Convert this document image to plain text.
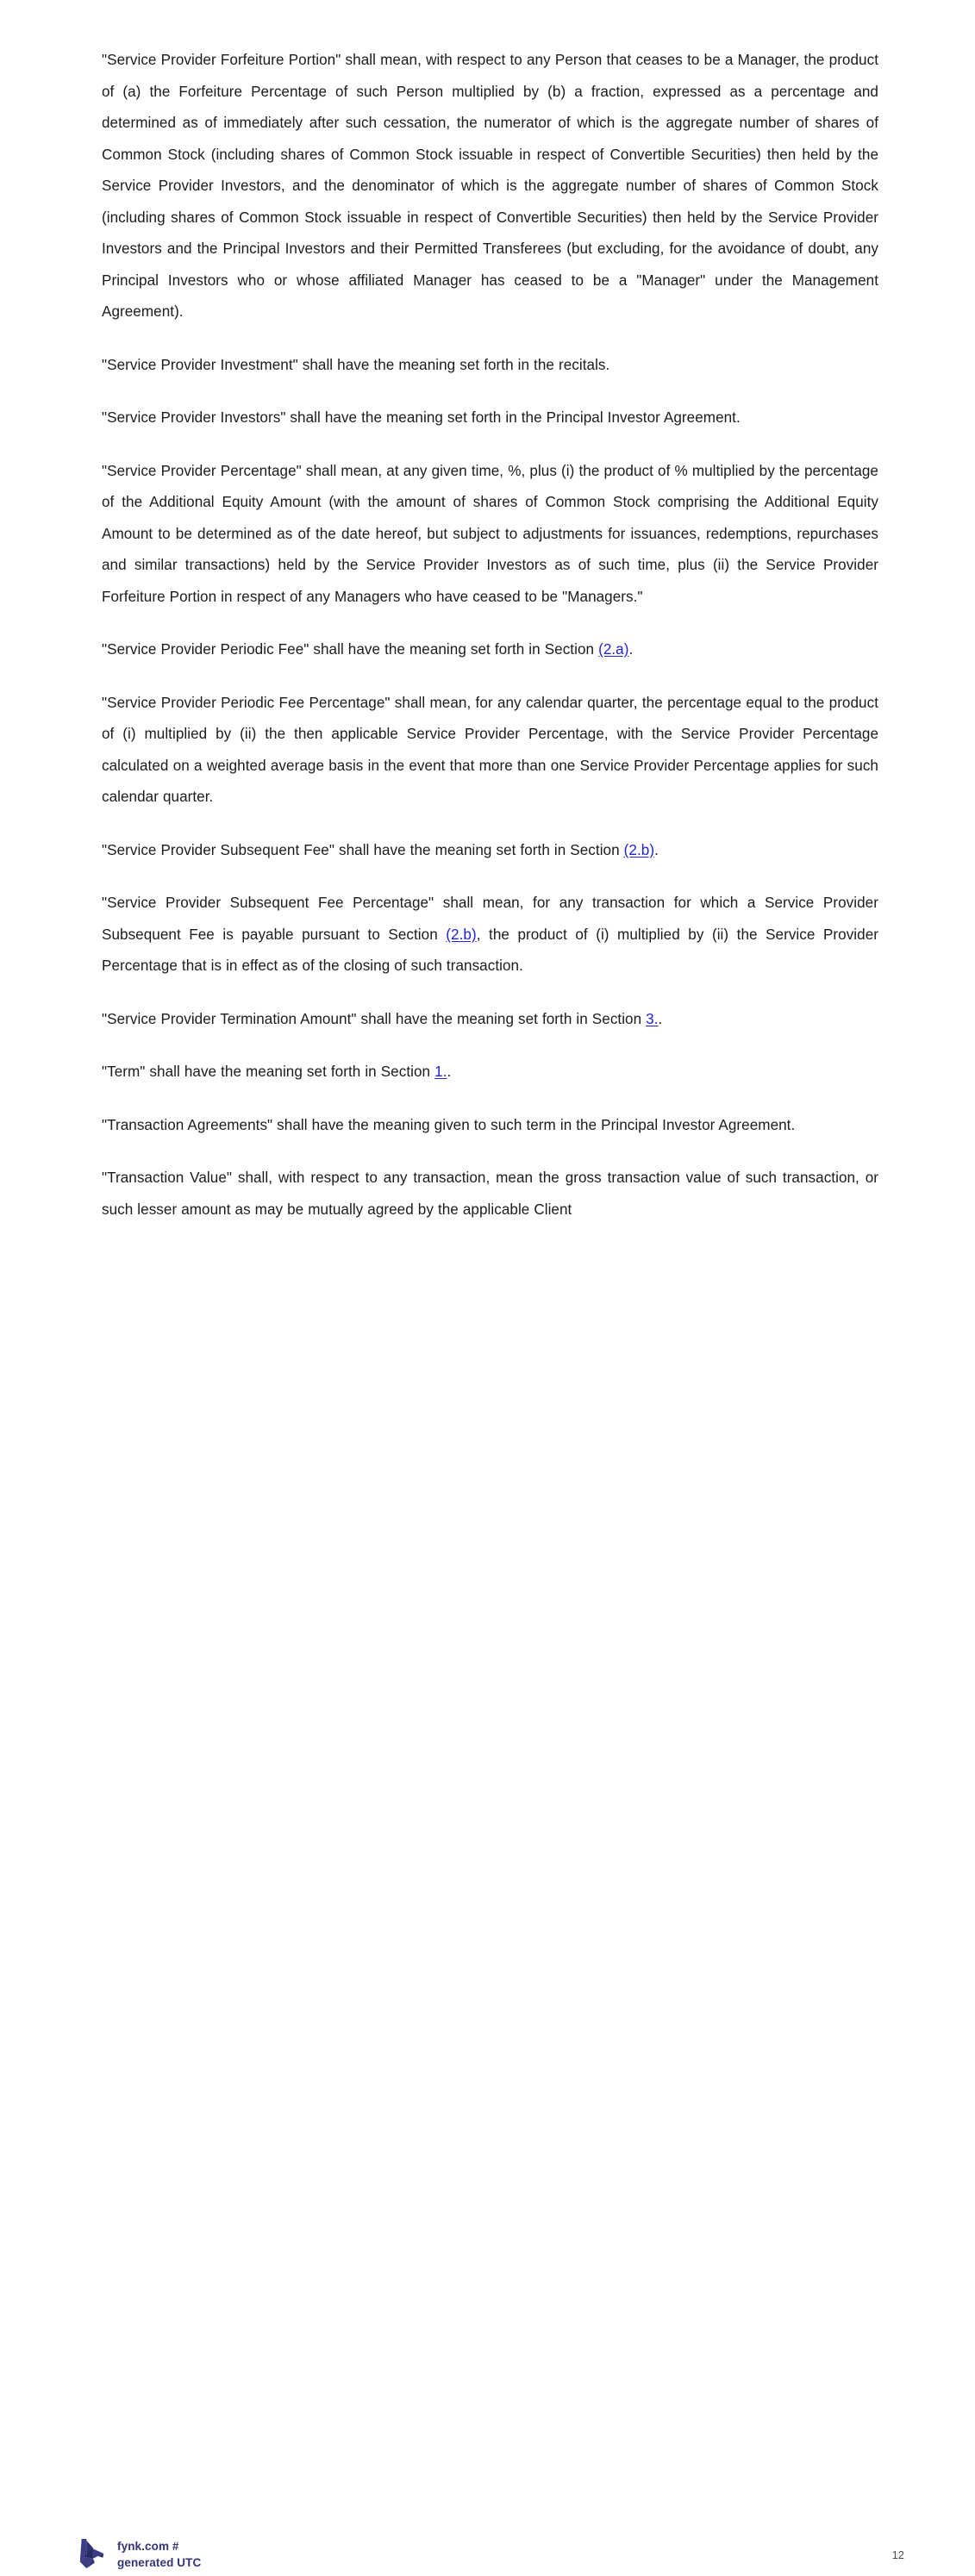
"Service Provider Forfeiture Portion" shall mean, with respect to any Person that ceases to be a Manager, the product of (a) the Forfeiture Percentage of such Person multiplied by (b) a fraction, expressed as a percentage and determined as of immediately after such cessation, the numerator of which is the aggregate number of shares of Common Stock (including shares of Common Stock issuable in respect of Convertible Securities) then held by the Service Provider Investors, and the denominator of which is the aggregate number of shares of Common Stock (including shares of Common Stock issuable in respect of Convertible Securities) then held by the Service Provider Investors and the Principal Investors and their Permitted Transferees (but excluding, for the avoidance of doubt, any Principal Investors who or whose affiliated Manager has ceased to be a "Manager" under the Management Agreement).

"Service Provider Investment" shall have the meaning set forth in the recitals.

"Service Provider Investors" shall have the meaning set forth in the Principal Investor Agreement.

"Service Provider Percentage" shall mean, at any given time, %, plus (i) the product of % multiplied by the percentage of the Additional Equity Amount (with the amount of shares of Common Stock comprising the Additional Equity Amount to be determined as of the date hereof, but subject to adjustments for issuances, redemptions, repurchases and similar transactions) held by the Service Provider Investors as of such time, plus (ii) the Service Provider Forfeiture Portion in respect of any Managers who have ceased to be "Managers."

"Service Provider Periodic Fee" shall have the meaning set forth in Section (2.a).

"Service Provider Periodic Fee Percentage" shall mean, for any calendar quarter, the percentage equal to the product of (i) multiplied by (ii) the then applicable Service Provider Percentage, with the Service Provider Percentage calculated on a weighted average basis in the event that more than one Service Provider Percentage applies for such calendar quarter.

"Service Provider Subsequent Fee" shall have the meaning set forth in Section (2.b).

"Service Provider Subsequent Fee Percentage" shall mean, for any transaction for which a Service Provider Subsequent Fee is payable pursuant to Section (2.b), the product of (i) multiplied by (ii) the Service Provider Percentage that is in effect as of the closing of such transaction.

"Service Provider Termination Amount" shall have the meaning set forth in Section 3..

"Term" shall have the meaning set forth in Section 1..

"Transaction Agreements" shall have the meaning given to such term in the Principal Investor Agreement.

"Transaction Value" shall, with respect to any transaction, mean the gross transaction value of such transaction, or such lesser amount as may be mutually agreed by the applicable Client

fynk.com #
generated UTC
12
